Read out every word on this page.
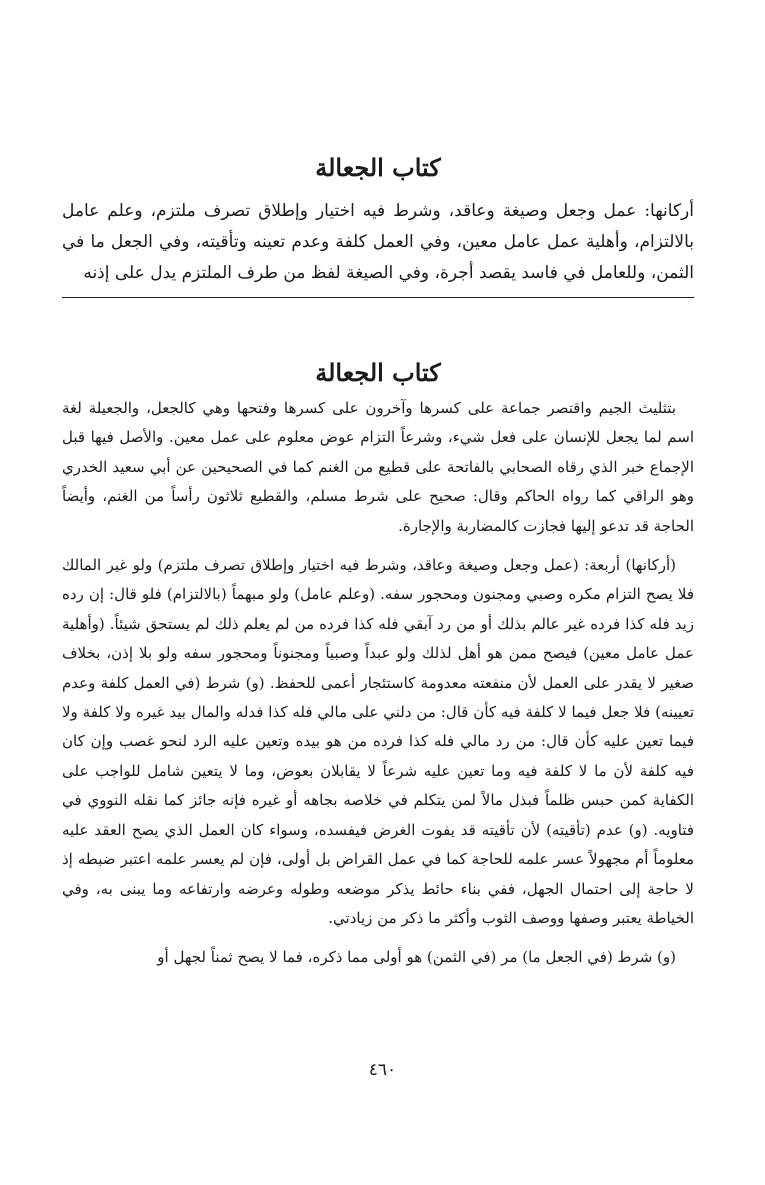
كتاب الجعالة
أركانها: عمل وجعل وصيغة وعاقد، وشرط فيه اختيار وإطلاق تصرف ملتزم، وعلم عامل بالالتزام، وأهلية عمل عامل معين، وفي العمل كلفة وعدم تعينه وتأقيته، وفي الجعل ما في الثمن، وللعامل في فاسد يقصد أجرة، وفي الصيغة لفظ من طرف الملتزم يدل على إذنه
كتاب الجعالة

بتثليث الجيم واقتصر جماعة على كسرها وآخرون على كسرها وفتحها وهي كالجعل، والجعيلة لغة اسم لما يجعل للإنسان على فعل شيء، وشرعاً التزام عوض معلوم على عمل معين. والأصل فيها قبل الإجماع خبر الذي رقاه الصحابي بالفاتحة على قطيع من الغنم كما في الصحيحين عن أبي سعيد الخدري وهو الراقي كما رواه الحاكم وقال: صحيح على شرط مسلم، والقطيع ثلاثون رأساً من الغنم، وأيضاً الحاجة قد تدعو إليها فجازت كالمضاربة والإجارة.

(أركانها) أربعة: (عمل وجعل وصيغة وعاقد، وشرط فيه اختيار وإطلاق تصرف ملتزم) ولو غير المالك فلا يصح التزام مكره وصبي ومجنون ومحجور سفه. (وعلم عامل) ولو مبهماً (بالالتزام) فلو قال: إن رده زيد فله كذا فرده غير عالم بذلك أو من رد آبقي فله كذا فرده من لم يعلم ذلك لم يستحق شيئاً. (وأهلية عمل عامل معين) فيصح ممن هو أهل لذلك ولو عبداً وصبياً ومجنوناً ومحجور سفه ولو بلا إذن، بخلاف صغير لا يقدر على العمل لأن منفعته معدومة كاستئجار أعمى للحفظ. (و) شرط (في العمل كلفة وعدم تعيينه) فلا جعل فيما لا كلفة فيه كأن قال: من دلني على مالي فله كذا فدله والمال بيد غيره ولا كلفة ولا فيما تعين عليه كأن قال: من رد مالي فله كذا فرده من هو بيده وتعين عليه الرد لنحو غصب وإن كان فيه كلفة لأن ما لا كلفة فيه وما تعين عليه شرعاً لا يقابلان بعوض، وما لا يتعين شامل للواجب على الكفاية كمن حبس ظلماً فبذل مالاً لمن يتكلم في خلاصه بجاهه أو غيره فإنه جائز كما نقله النووي في فتاويه. (و) عدم (تأقيته) لأن تأقيته قد يفوت الغرض فيفسده، وسواء كان العمل الذي يصح العقد عليه معلوماً أم مجهولاً عسر علمه للحاجة كما في عمل القراض بل أولى، فإن لم يعسر علمه اعتبر ضبطه إذ لا حاجة إلى احتمال الجهل، ففي بناء حائط يذكر موضعه وطوله وعرضه وارتفاعه وما يبنى به، وفي الخياطة يعتبر وصفها ووصف الثوب وأكثر ما ذكر من زيادتي.

(و) شرط (في الجعل ما) مر (في الثمن) هو أولى مما ذكره، فما لا يصح ثمناً لجهل أو

٤٦٠
